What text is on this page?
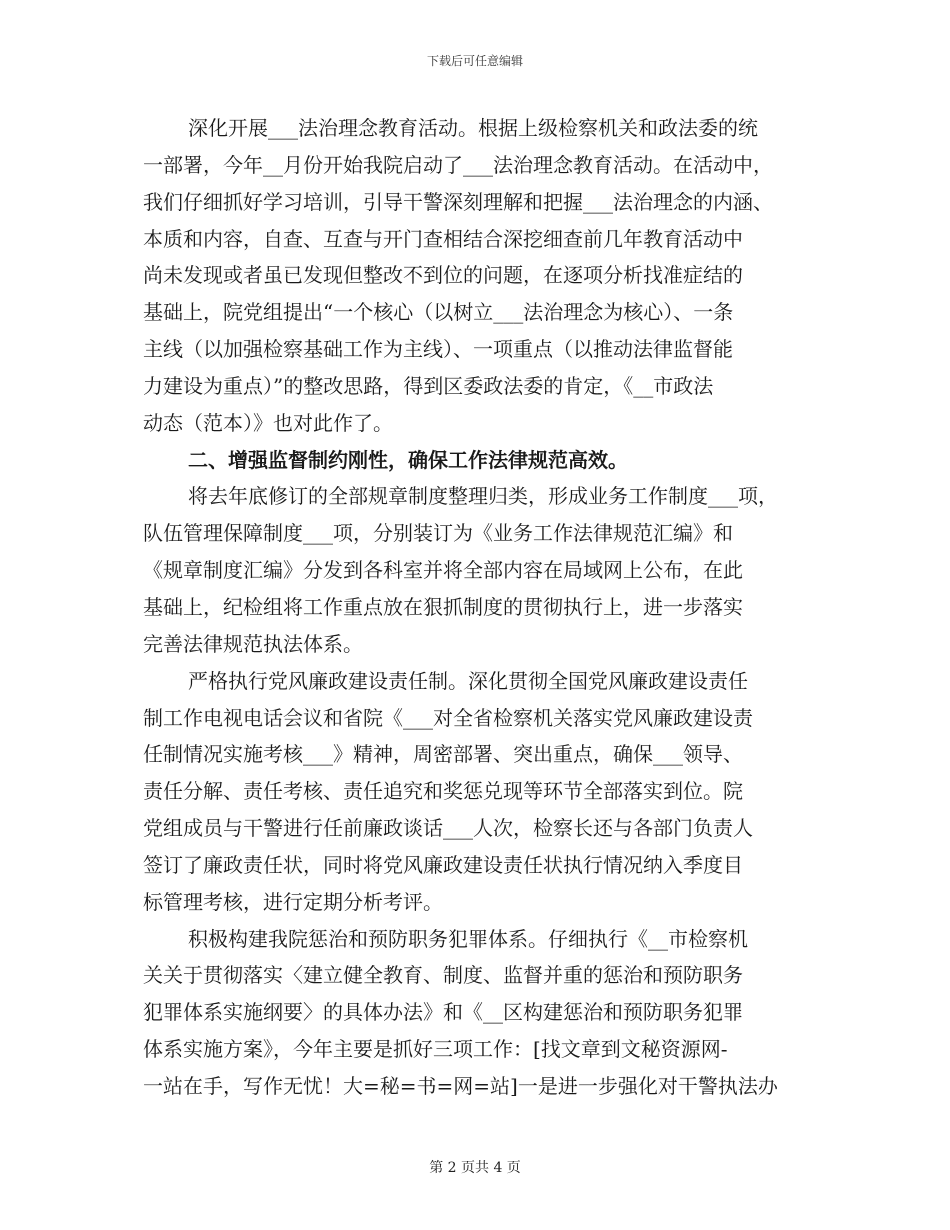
下载后可任意编辑
深化开展___法治理念教育活动。根据上级检察机关和政法委的统
一部署，今年__月份开始我院启动了___法治理念教育活动。在活动中，
我们仔细抓好学习培训，引导干警深刻理解和把握___法治理念的内涵、
本质和内容，自查、互查与开门查相结合深挖细查前几年教育活动中
尚未发现或者虽已发现但整改不到位的问题，在逐项分析找准症结的
基础上，院党组提出“一个核心（以树立___法治理念为核心）、一条
主线（以加强检察基础工作为主线）、一项重点（以推动法律监督能
力建设为重点）”的整改思路，得到区委政法委的肯定，《__市政法
动态（范本）》也对此作了。
二、增强监督制约刚性，确保工作法律规范高效。
将去年底修订的全部规章制度整理归类，形成业务工作制度___项，
队伍管理保障制度___项，分别装订为《业务工作法律规范汇编》和
《规章制度汇编》分发到各科室并将全部内容在局域网上公布，在此
基础上，纪检组将工作重点放在狠抓制度的贯彻执行上，进一步落实
完善法律规范执法体系。
严格执行党风廉政建设责任制。深化贯彻全国党风廉政建设责任
制工作电视电话会议和省院《___对全省检察机关落实党风廉政建设责
任制情况实施考核___》精神，周密部署、突出重点，确保___领导、
责任分解、责任考核、责任追究和奖惩兑现等环节全部落实到位。院
党组成员与干警进行任前廉政谈话___人次，检察长还与各部门负责人
签订了廉政责任状，同时将党风廉政建设责任状执行情况纳入季度目
标管理考核，进行定期分析考评。
积极构建我院惩治和预防职务犯罪体系。仔细执行《__市检察机
关关于贯彻落实〈建立健全教育、制度、监督并重的惩治和预防职务
犯罪体系实施纲要〉的具体办法》和《__区构建惩治和预防职务犯罪
体系实施方案》，今年主要是抓好三项工作：[找文章到文秘资源网-
一站在手，写作无忧！大=秘=书=网=站]一是进一步强化对干警执法办
第 2 页共 4 页
